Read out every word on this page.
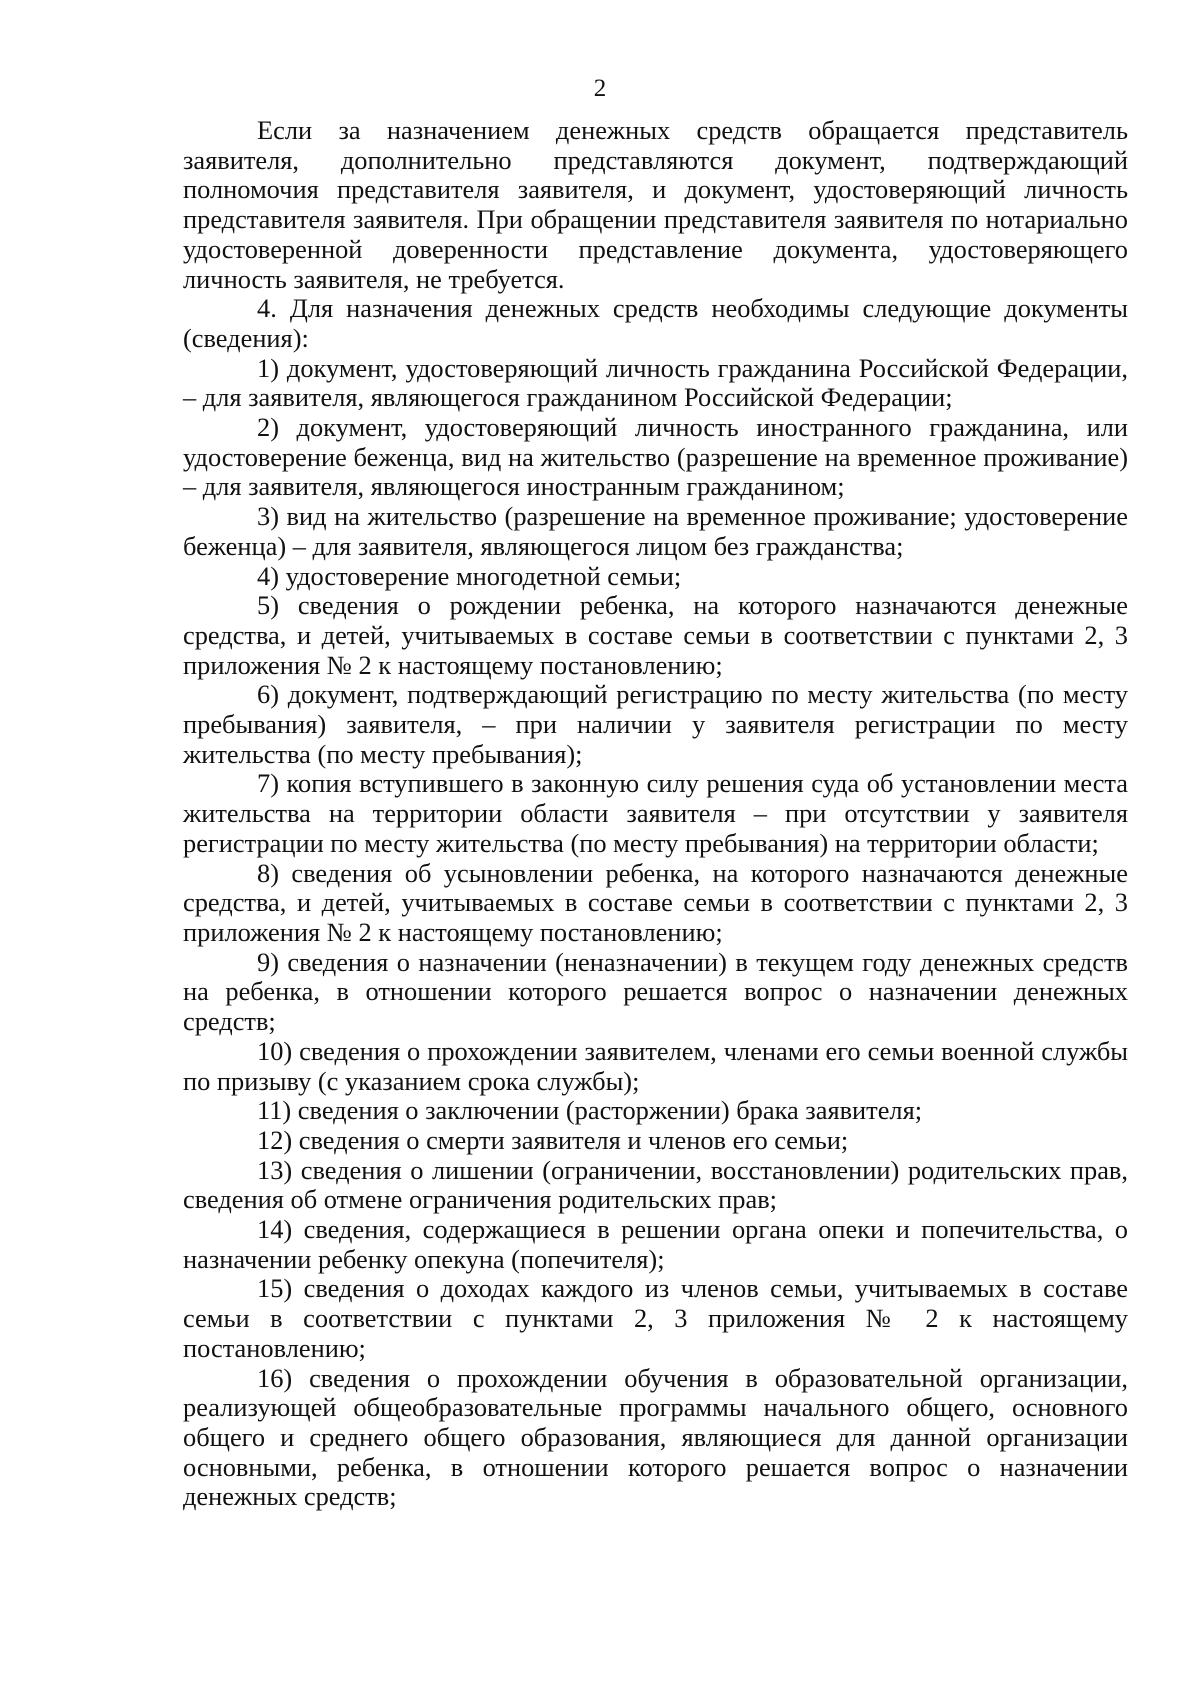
2

Если за назначением денежных средств обращается представитель заявителя, дополнительно представляются документ, подтверждающий полномочия представителя заявителя, и документ, удостоверяющий личность представителя заявителя. При обращении представителя заявителя по нотариально удостоверенной доверенности представление документа, удостоверяющего личность заявителя, не требуется.

4. Для назначения денежных средств необходимы следующие документы (сведения):

1) документ, удостоверяющий личность гражданина Российской Федерации, – для заявителя, являющегося гражданином Российской Федерации;

2) документ, удостоверяющий личность иностранного гражданина, или удостоверение беженца, вид на жительство (разрешение на временное проживание) – для заявителя, являющегося иностранным гражданином;

3) вид на жительство (разрешение на временное проживание; удостоверение беженца) – для заявителя, являющегося лицом без гражданства;

4) удостоверение многодетной семьи;

5) сведения о рождении ребенка, на которого назначаются денежные средства, и детей, учитываемых в составе семьи в соответствии с пунктами 2, 3 приложения № 2 к настоящему постановлению;

6) документ, подтверждающий регистрацию по месту жительства (по месту пребывания) заявителя, – при наличии у заявителя регистрации по месту жительства (по месту пребывания);

7) копия вступившего в законную силу решения суда об установлении места жительства на территории области заявителя – при отсутствии у заявителя регистрации по месту жительства (по месту пребывания) на территории области;

8) сведения об усыновлении ребенка, на которого назначаются денежные средства, и детей, учитываемых в составе семьи в соответствии с пунктами 2, 3 приложения № 2 к настоящему постановлению;

9) сведения о назначении (неназначении) в текущем году денежных средств на ребенка, в отношении которого решается вопрос о назначении денежных средств;

10) сведения о прохождении заявителем, членами его семьи военной службы по призыву (с указанием срока службы);

11) сведения о заключении (расторжении) брака заявителя;

12) сведения о смерти заявителя и членов его семьи;

13) сведения о лишении (ограничении, восстановлении) родительских прав, сведения об отмене ограничения родительских прав;

14) сведения, содержащиеся в решении органа опеки и попечительства, о назначении ребенку опекуна (попечителя);

15) сведения о доходах каждого из членов семьи, учитываемых в составе семьи в соответствии с пунктами 2, 3 приложения № 2 к настоящему постановлению;

16) сведения о прохождении обучения в образовательной организации, реализующей общеобразовательные программы начального общего, основного общего и среднего общего образования, являющиеся для данной организации основными, ребенка, в отношении которого решается вопрос о назначении денежных средств;
